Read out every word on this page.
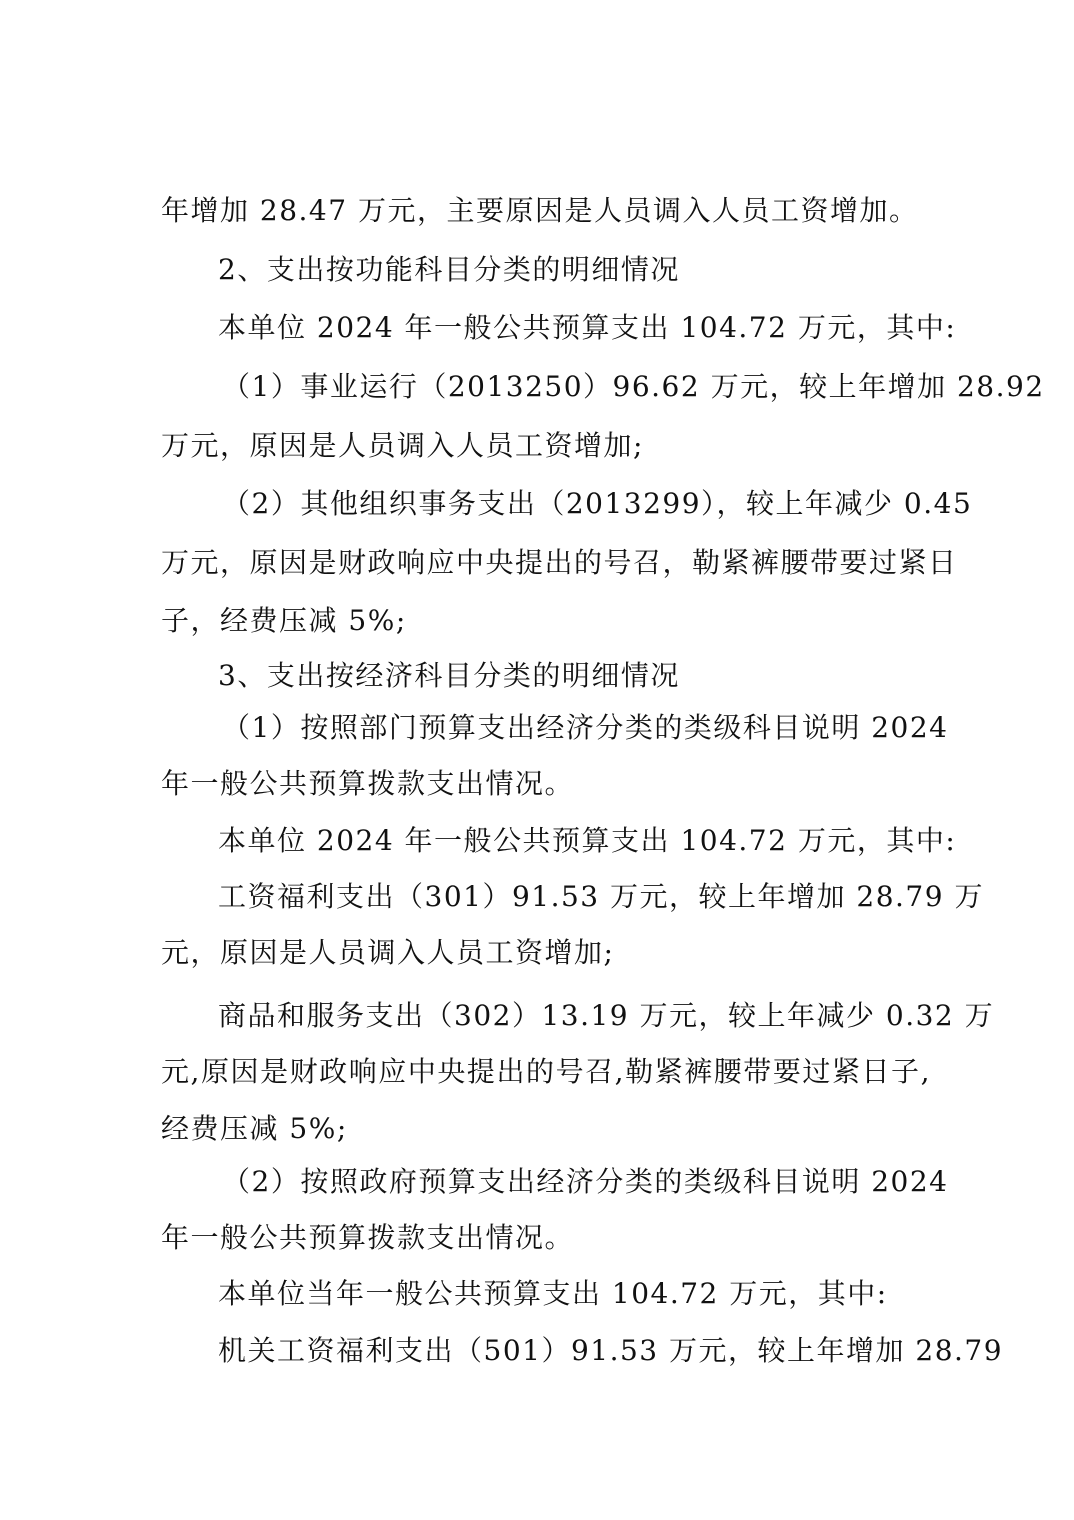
年增加 28.47 万元，主要原因是人员调入人员工资增加。
2、支出按功能科目分类的明细情况
本单位 2024 年一般公共预算支出 104.72 万元，其中:
（1）事业运行（2013250）96.62 万元，较上年增加 28.92
万元，原因是人员调入人员工资增加;
（2）其他组织事务支出（2013299），较上年减少 0.45
万元，原因是财政响应中央提出的号召，勒紧裤腰带要过紧日
子，经费压减 5%;
3、支出按经济科目分类的明细情况
（1）按照部门预算支出经济分类的类级科目说明 2024
年一般公共预算拨款支出情况。
本单位 2024 年一般公共预算支出 104.72 万元，其中:
工资福利支出（301）91.53 万元，较上年增加 28.79 万
元，原因是人员调入人员工资增加;
商品和服务支出（302）13.19 万元，较上年减少 0.32 万
元,原因是财政响应中央提出的号召,勒紧裤腰带要过紧日子,
经费压减 5%;
（2）按照政府预算支出经济分类的类级科目说明 2024
年一般公共预算拨款支出情况。
本单位当年一般公共预算支出 104.72 万元，其中:
机关工资福利支出（501）91.53 万元，较上年增加 28.79
